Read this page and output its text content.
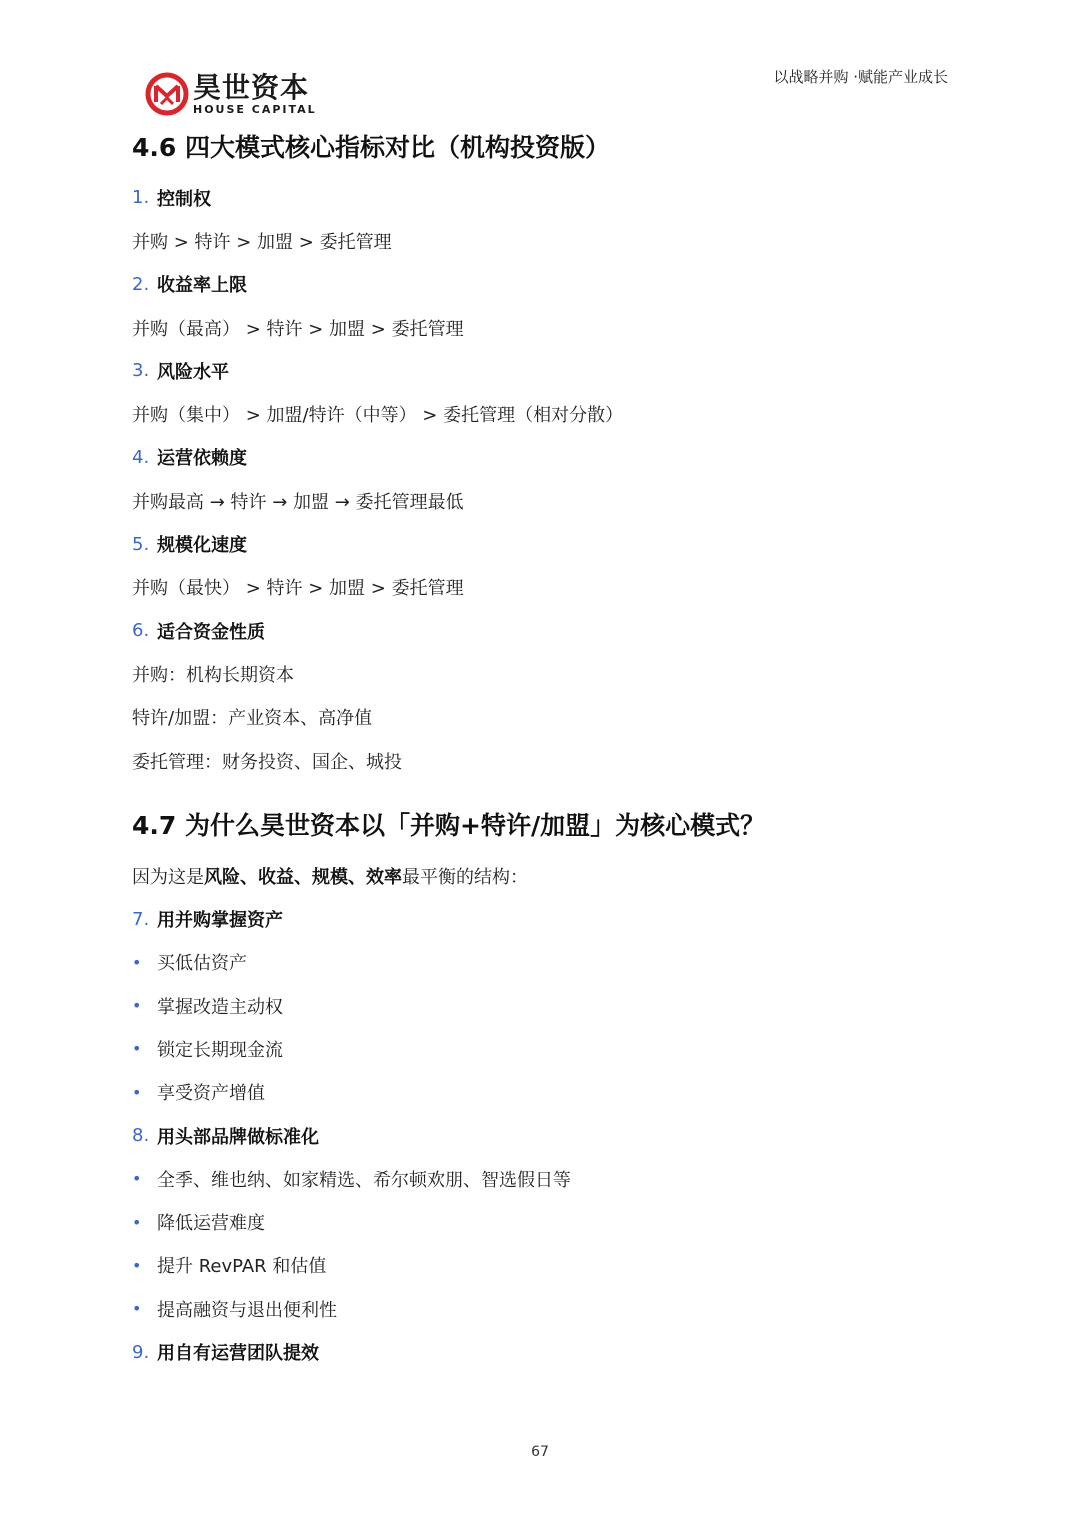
昊世资本
HOUSE CAPITAL
以战略并购 ·赋能产业成长
4.6 四大模式核心指标对比（机构投资版）
1. 控制权
并购 > 特许 > 加盟 > 委托管理
2. 收益率上限
并购（最高） > 特许 > 加盟 > 委托管理
3. 风险水平
并购（集中） > 加盟/特许（中等） > 委托管理（相对分散）
4. 运营依赖度
并购最高 → 特许 → 加盟 → 委托管理最低
5. 规模化速度
并购（最快） > 特许 > 加盟 > 委托管理
6. 适合资金性质
并购：机构长期资本
特许/加盟：产业资本、高净值
委托管理：财务投资、国企、城投
4.7 为什么昊世资本以「并购+特许/加盟」为核心模式？
因为这是 风险、收益、规模、效率 最平衡的结构：
7. 用并购掌握资产
• 买低估资产
• 掌握改造主动权
• 锁定长期现金流
• 享受资产增值
8. 用头部品牌做标准化
• 全季、维也纳、如家精选、希尔顿欢朋、智选假日等
• 降低运营难度
• 提升 RevPAR 和估值
• 提高融资与退出便利性
9. 用自有运营团队提效
67
